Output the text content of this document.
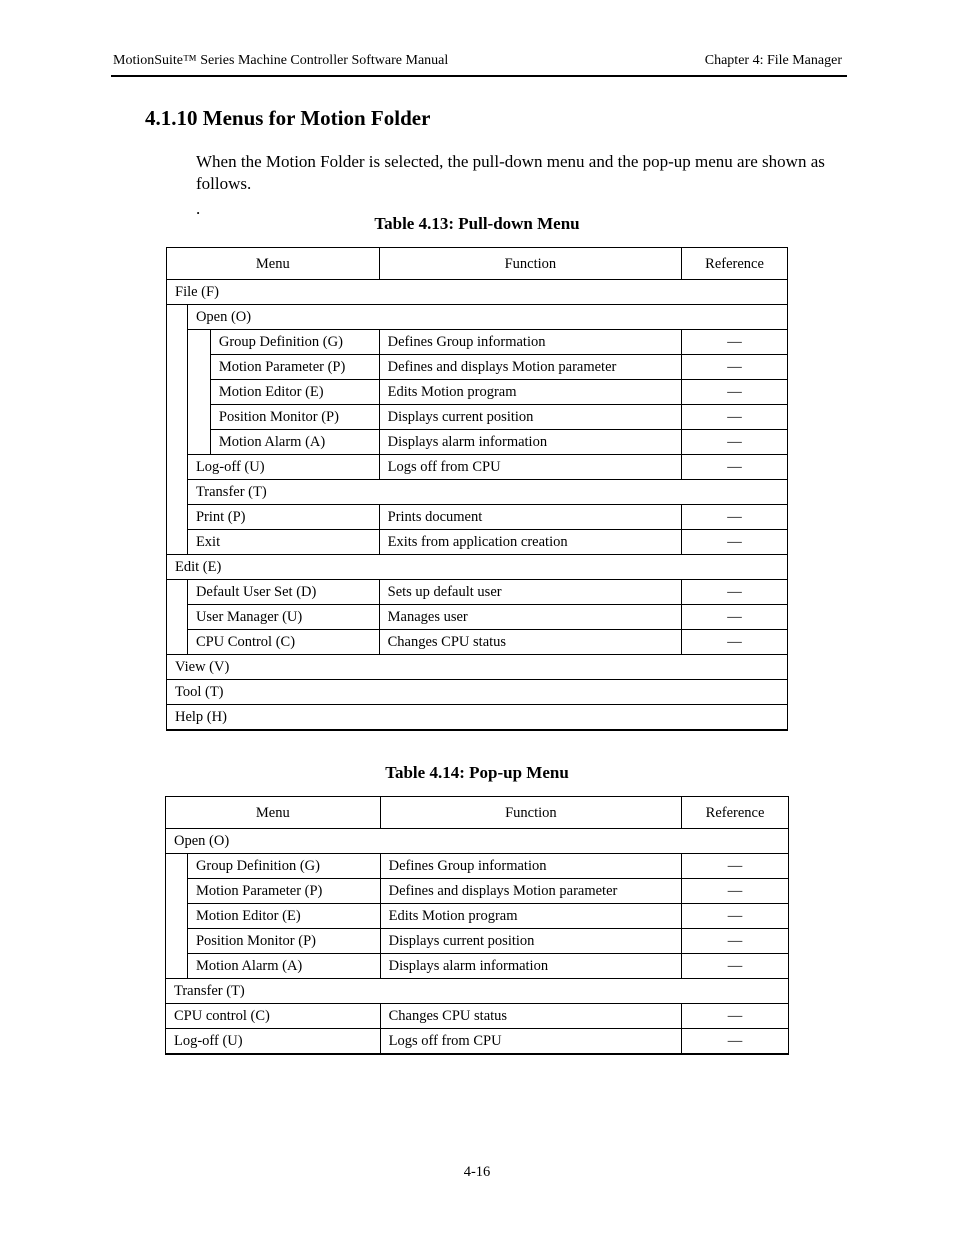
MotionSuite™ Series Machine Controller Software Manual	Chapter 4: File Manager
4.1.10 Menus for Motion Folder

When the Motion Folder is selected, the pull-down menu and the pop-up menu are shown as follows.

.
Table 4.13: Pull-down Menu
Menu			Function	Reference
File (F)				
	Open (O)			
		Group Definition (G)	Defines Group information	—
		Motion Parameter (P)	Defines and displays Motion parameter	—
		Motion Editor (E)	Edits Motion program	—
		Position Monitor (P)	Displays current position	—
		Motion Alarm (A)	Displays alarm information	—
	Log-off (U)		Logs off from CPU	—
	Transfer (T)			
	Print (P)		Prints document	—
	Exit		Exits from application creation	—
Edit (E)				
	Default User Set (D)		Sets up default user	—
	User Manager (U)		Manages user	—
	CPU Control (C)		Changes CPU status	—
View (V)				
Tool (T)				
Help (H)				
Table 4.14: Pop-up Menu
Menu		Function	Reference
Open (O)			
	Group Definition (G)	Defines Group information	—
	Motion Parameter (P)	Defines and displays Motion parameter	—
	Motion Editor (E)	Edits Motion program	—
	Position Monitor (P)	Displays current position	—
	Motion Alarm (A)	Displays alarm information	—
Transfer (T)			
CPU control (C)		Changes CPU status	—
Log-off (U)		Logs off from CPU	—
4-16
